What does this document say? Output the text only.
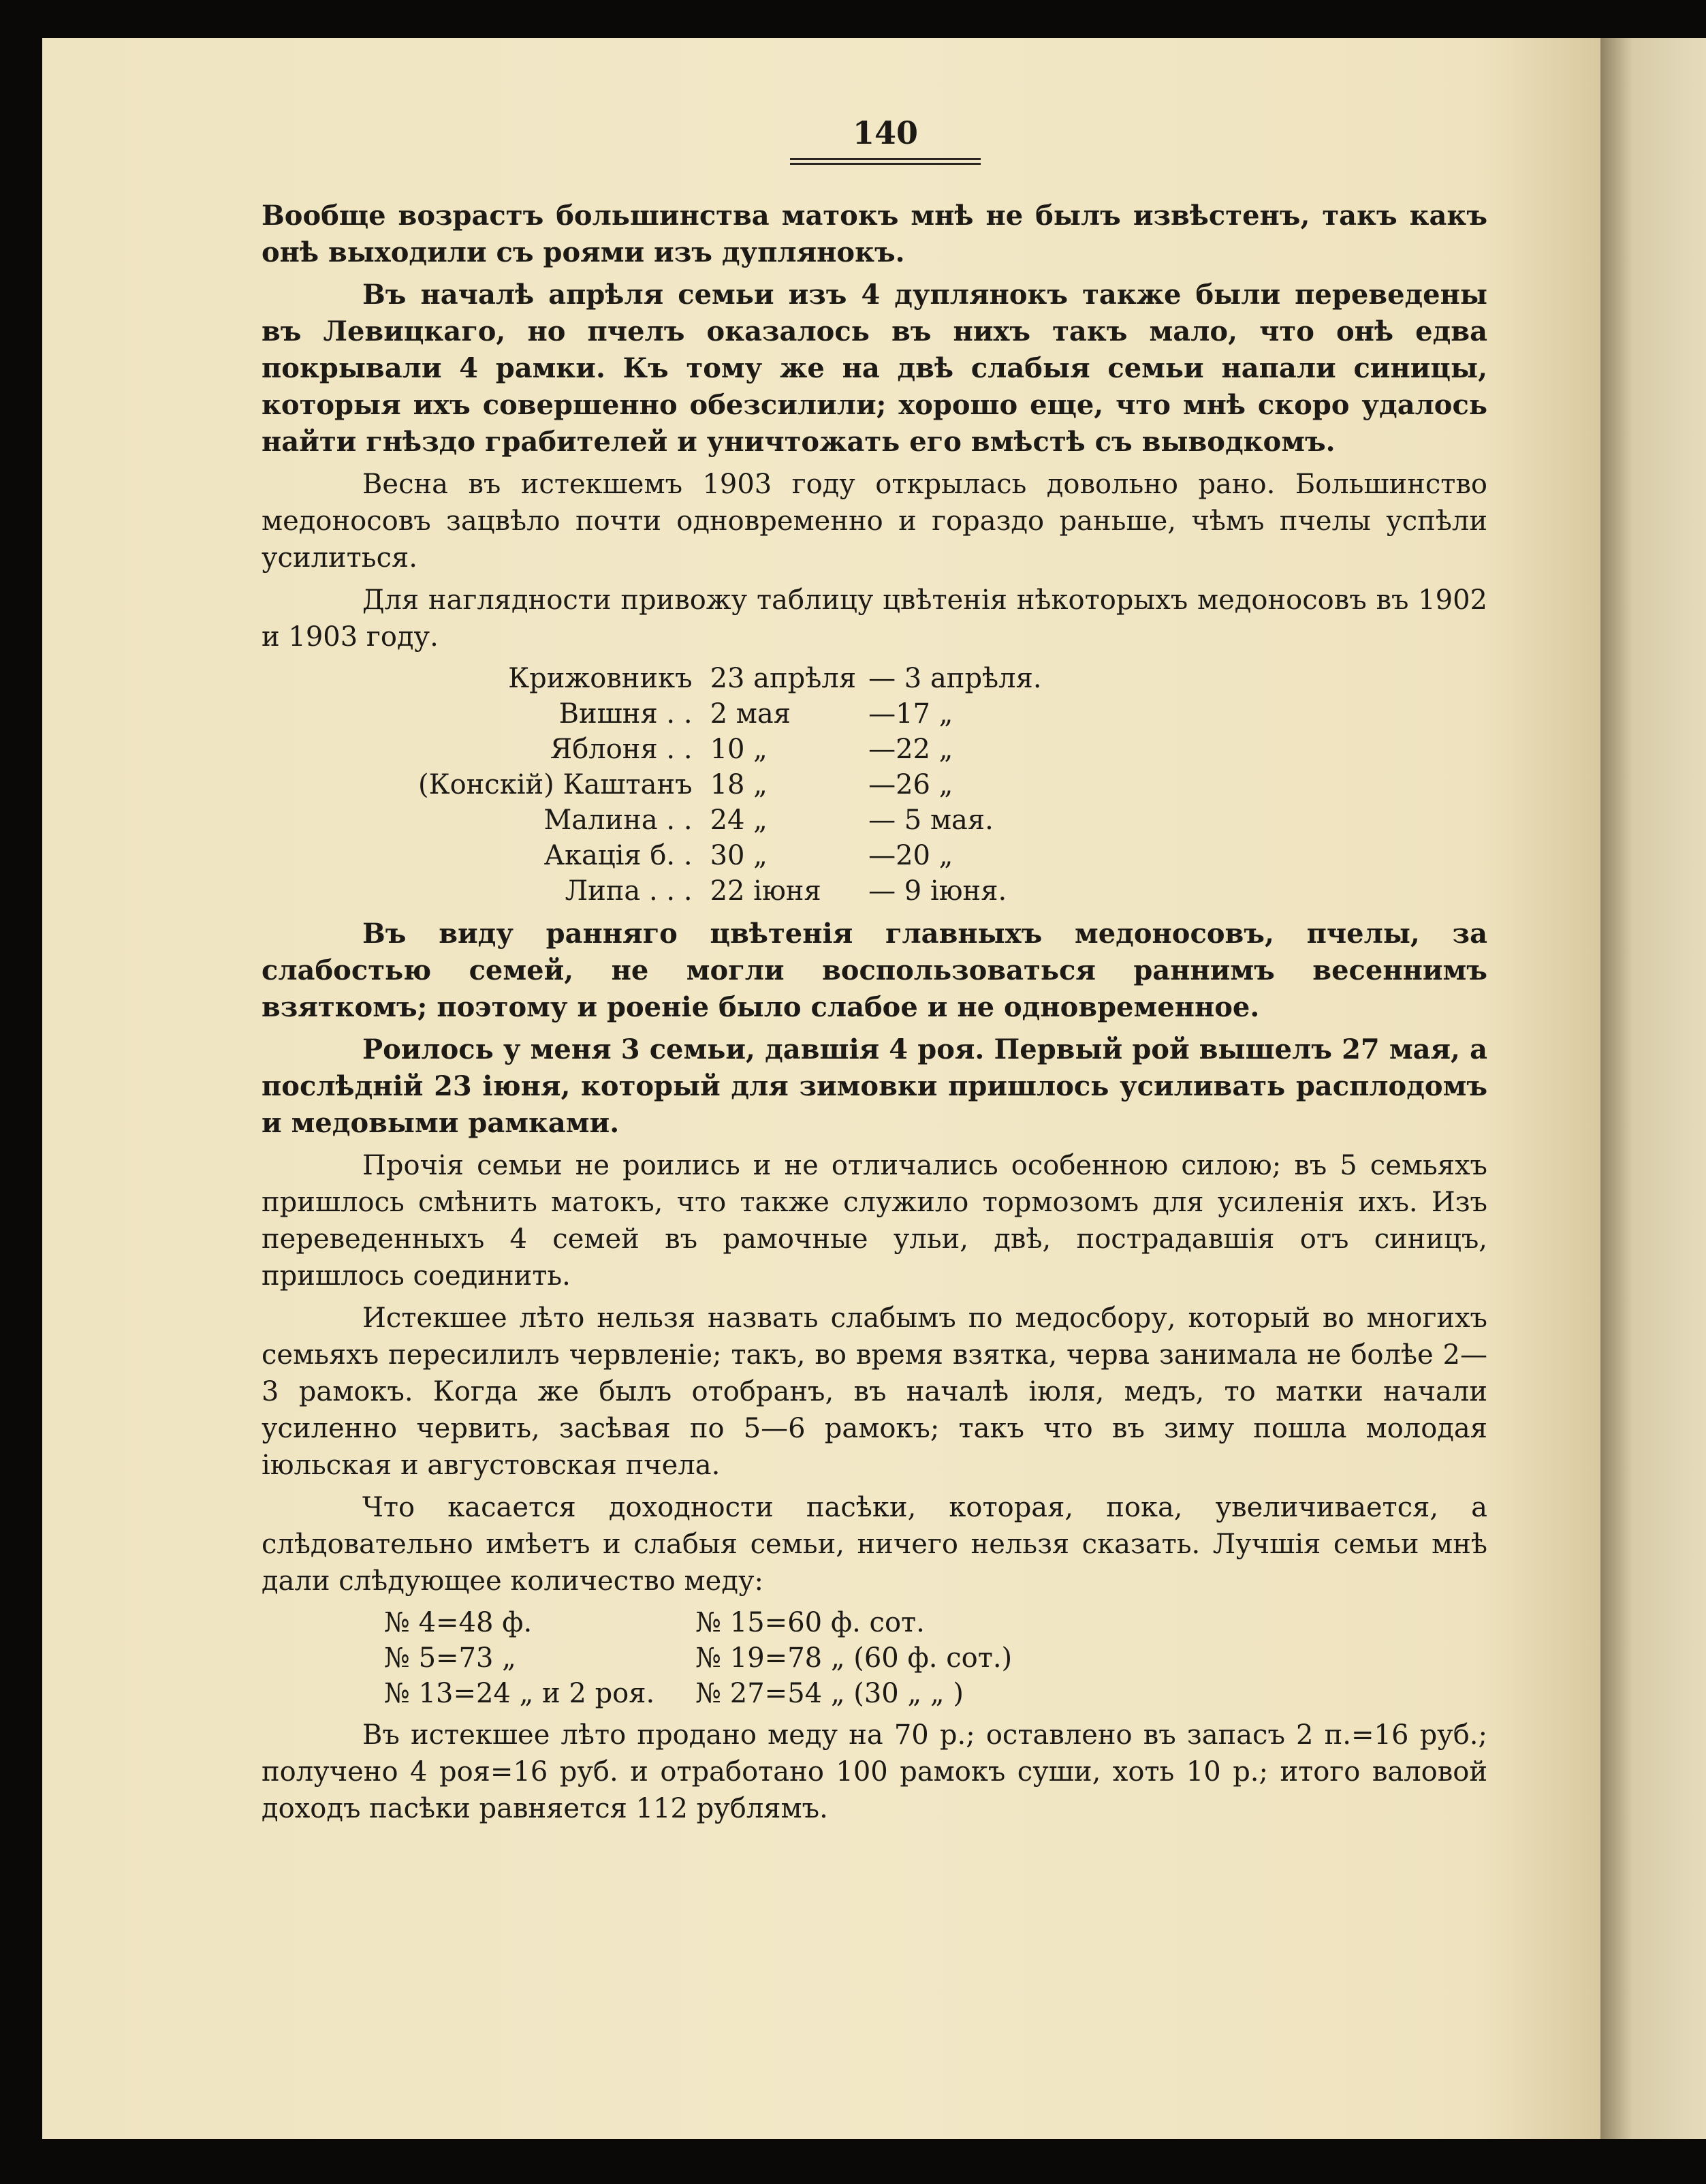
140

Вообще возрастъ большинства матокъ мнѣ не былъ извѣстенъ, такъ какъ онѣ выходили съ роями изъ дуплянокъ.

Въ началѣ апрѣля семьи изъ 4 дуплянокъ также были переведены въ Левицкаго, но пчелъ оказалось въ нихъ такъ мало, что онѣ едва покрывали 4 рамки. Къ тому же на двѣ слабыя семьи напали синицы, которыя ихъ совершенно обезсилили; хорошо еще, что мнѣ скоро удалось найти гнѣздо грабителей и уничтожать его вмѣстѣ съ выводкомъ.

Весна въ истекшемъ 1903 году открылась довольно рано. Большинство медоносовъ зацвѣло почти одновременно и гораздо раньше, чѣмъ пчелы успѣли усилиться.

Для наглядности привожу таблицу цвѣтенія нѣкоторыхъ медоносовъ въ 1902 и 1903 году.

Крижовникъ	23 апрѣля	— 3 апрѣля.
Вишня . .	2 мая	—17 „
Яблоня . .	10 „	—22 „
(Конскій) Каштанъ	18 „	—26 „
Малина . .	24 „	— 5 мая.
Акація б. .	30 „	—20 „
Липа . . .	22 іюня	— 9 іюня.

Въ виду ранняго цвѣтенія главныхъ медоносовъ, пчелы, за слабостью семей, не могли воспользоваться раннимъ весеннимъ взяткомъ; поэтому и роеніе было слабое и не одновременное.

Роилось у меня 3 семьи, давшія 4 роя. Первый рой вышелъ 27 мая, а послѣдній 23 іюня, который для зимовки пришлось усиливать расплодомъ и медовыми рамками.

Прочія семьи не роились и не отличались особенною силою; въ 5 семьяхъ пришлось смѣнить матокъ, что также служило тормозомъ для усиленія ихъ. Изъ переведенныхъ 4 семей въ рамочные ульи, двѣ, пострадавшія отъ синицъ, пришлось соединить.

Истекшее лѣто нельзя назвать слабымъ по медосбору, который во многихъ семьяхъ пересилилъ червленіе; такъ, во время взятка, черва занимала не болѣе 2—3 рамокъ. Когда же былъ отобранъ, въ началѣ іюля, медъ, то матки начали усиленно червить, засѣвая по 5—6 рамокъ; такъ что въ зиму пошла молодая іюльская и августовская пчела.

Что касается доходности пасѣки, которая, пока, увеличивается, а слѣдовательно имѣетъ и слабыя семьи, ничего нельзя сказать. Лучшія семьи мнѣ дали слѣдующее количество меду:

№ 4=48 ф.	№ 15=60 ф. сот.
№ 5=73 „	№ 19=78 „ (60 ф. сот.)
№ 13=24 „ и 2 роя.	№ 27=54 „ (30 „ „ )

Въ истекшее лѣто продано меду на 70 р.; оставлено въ запасъ 2 п.=16 руб.; получено 4 роя=16 руб. и отработано 100 рамокъ суши, хоть 10 р.; итого валовой доходъ пасѣки равняется 112 рублямъ.
